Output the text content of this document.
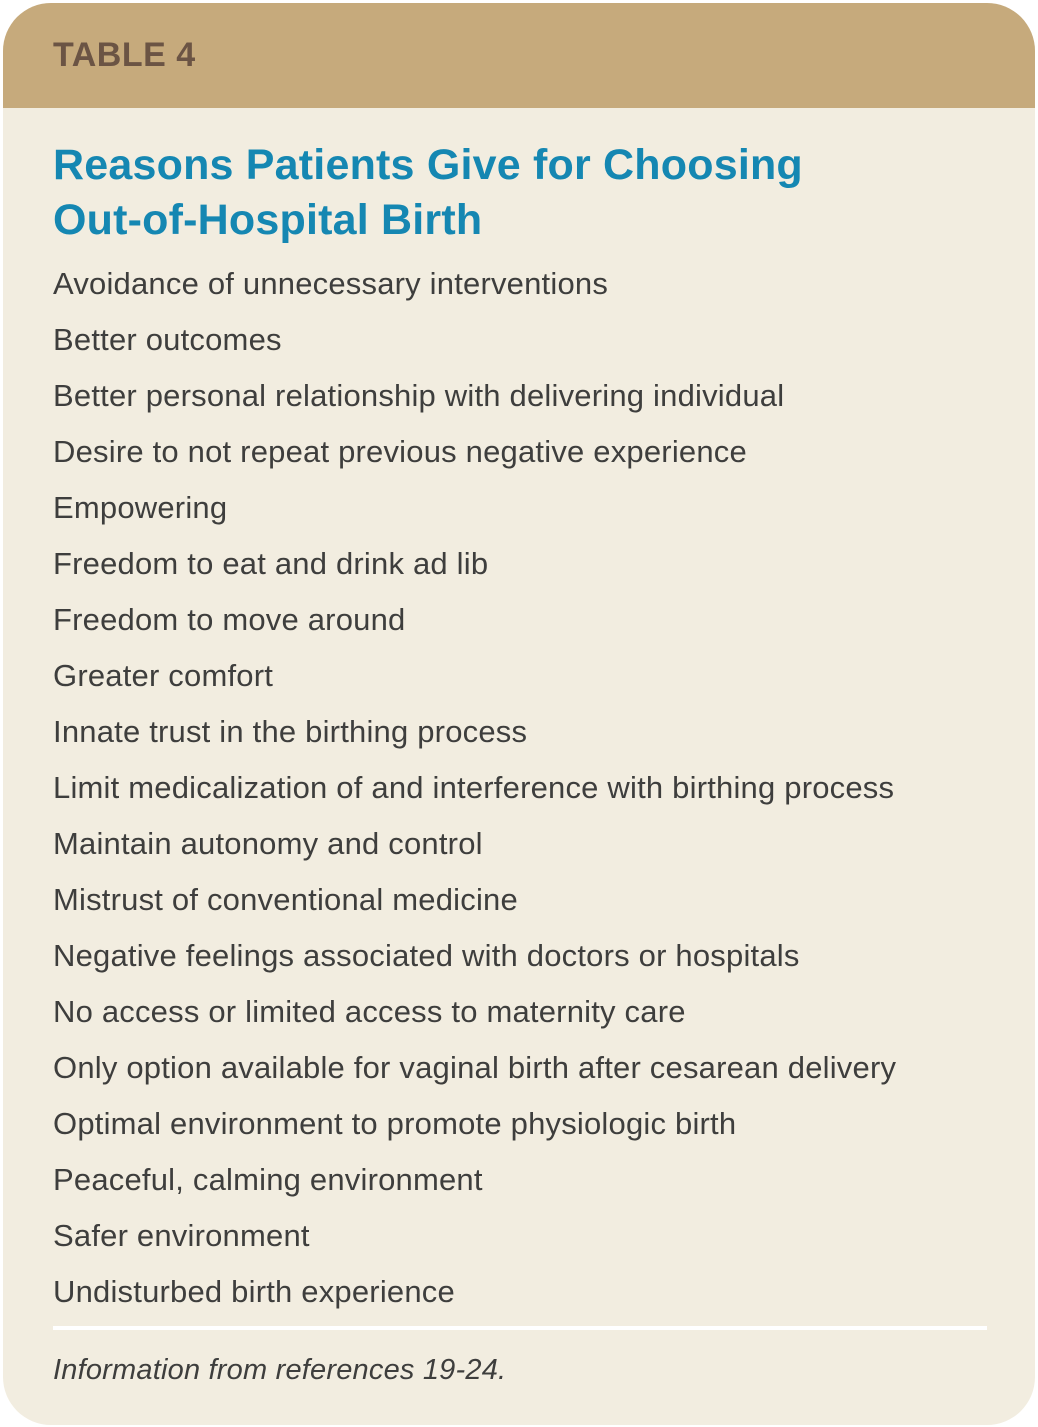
TABLE 4
Reasons Patients Give for Choosing Out-of-Hospital Birth
Avoidance of unnecessary interventions
Better outcomes
Better personal relationship with delivering individual
Desire to not repeat previous negative experience
Empowering
Freedom to eat and drink ad lib
Freedom to move around
Greater comfort
Innate trust in the birthing process
Limit medicalization of and interference with birthing process
Maintain autonomy and control
Mistrust of conventional medicine
Negative feelings associated with doctors or hospitals
No access or limited access to maternity care
Only option available for vaginal birth after cesarean delivery
Optimal environment to promote physiologic birth
Peaceful, calming environment
Safer environment
Undisturbed birth experience
Information from references 19-24.
